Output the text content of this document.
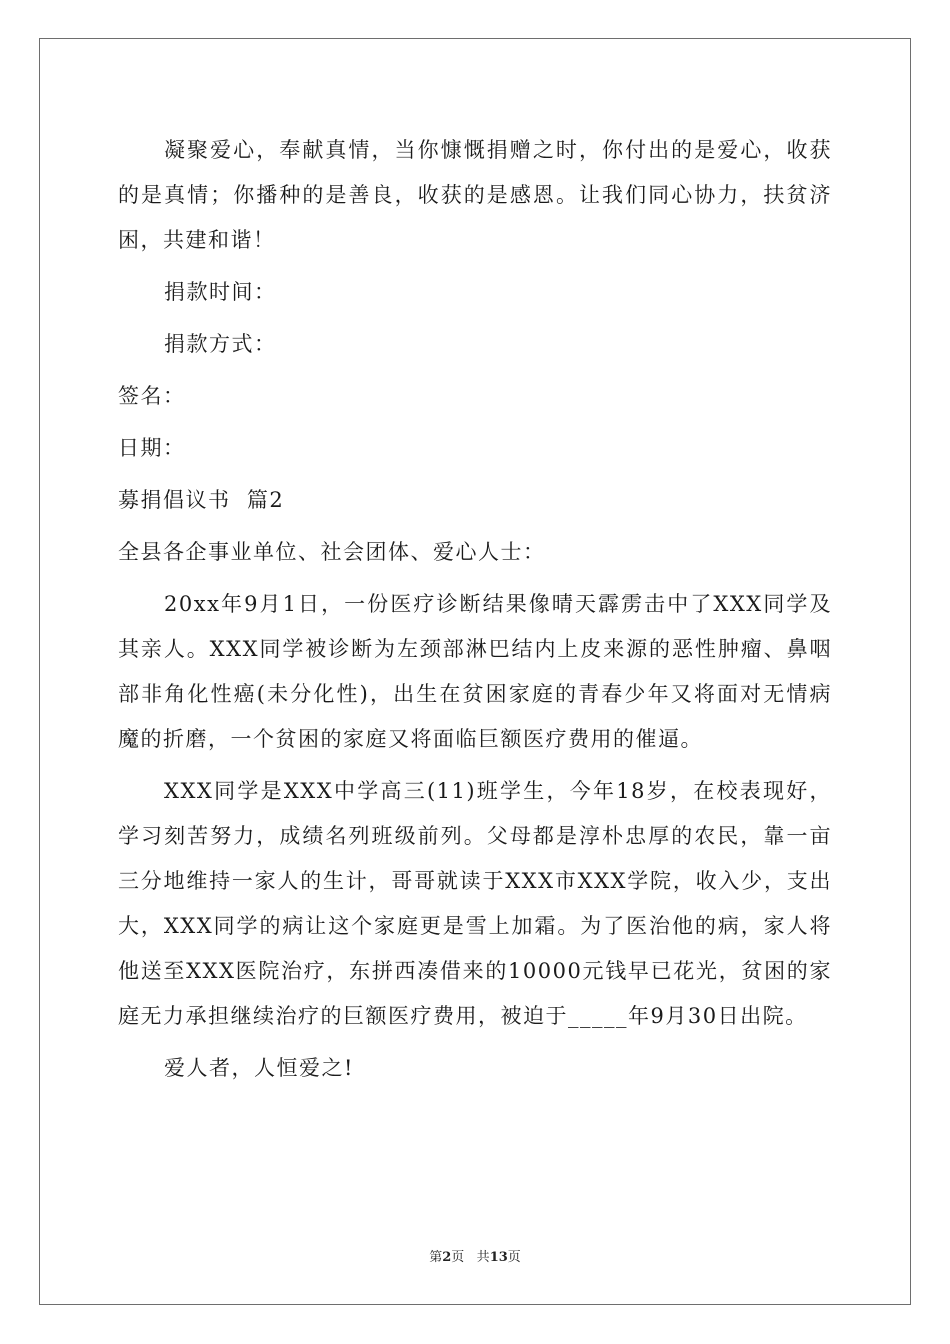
凝聚爱心，奉献真情，当你慷慨捐赠之时，你付出的是爱心，收获的是真情；你播种的是善良，收获的是感恩。让我们同心协力，扶贫济困，共建和谐！

捐款时间：

捐款方式：

签名：

日期：

募捐倡议书  篇2

全县各企事业单位、社会团体、爱心人士：

20xx年9月1日，一份医疗诊断结果像晴天霹雳击中了XXX同学及其亲人。XXX同学被诊断为左颈部淋巴结内上皮来源的恶性肿瘤、鼻咽部非角化性癌(未分化性)，出生在贫困家庭的青春少年又将面对无情病魔的折磨，一个贫困的家庭又将面临巨额医疗费用的催逼。

XXX同学是XXX中学高三(11)班学生，今年18岁，在校表现好，学习刻苦努力，成绩名列班级前列。父母都是淳朴忠厚的农民，靠一亩三分地维持一家人的生计，哥哥就读于XXX市XXX学院，收入少，支出大，XXX同学的病让这个家庭更是雪上加霜。为了医治他的病，家人将他送至XXX医院治疗，东拼西凑借来的10000元钱早已花光，贫困的家庭无力承担继续治疗的巨额医疗费用，被迫于_____年9月30日出院。

爱人者，人恒爱之!

第2页 共13页
